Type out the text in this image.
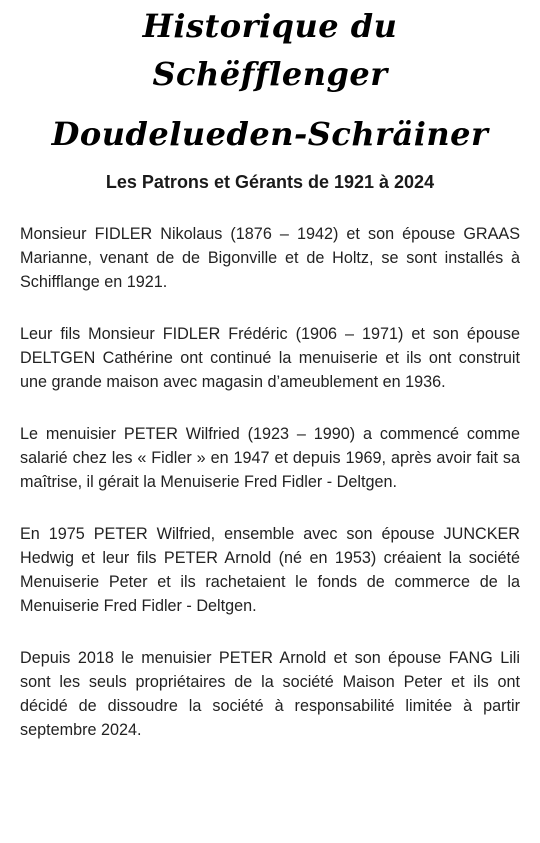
Historique du Schëfflenger
Doudelueden-Schräiner
Les Patrons et Gérants de 1921 à 2024

Monsieur FIDLER Nikolaus (1876 – 1942) et son épouse GRAAS Marianne, venant de de Bigonville et de Holtz, se sont installés à Schifflange en 1921.

Leur fils Monsieur FIDLER Frédéric (1906 – 1971) et son épouse DELTGEN Cathérine ont continué la menuiserie et ils ont construit une grande maison avec magasin d’ameublement en 1936.

Le menuisier PETER Wilfried (1923 – 1990) a commencé comme salarié chez les « Fidler » en 1947 et depuis 1969, après avoir fait sa maîtrise, il gérait la Menuiserie Fred Fidler - Deltgen.

En 1975 PETER Wilfried, ensemble avec son épouse JUNCKER Hedwig et leur fils PETER Arnold (né en 1953) créaient la société Menuiserie Peter et ils rachetaient le fonds de commerce de la Menuiserie Fred Fidler - Deltgen.

Depuis 2018 le menuisier PETER Arnold et son épouse FANG Lili sont les seuls propriétaires de la société Maison Peter et ils ont décidé de dissoudre la société à responsabilité limitée à partir septembre 2024.
